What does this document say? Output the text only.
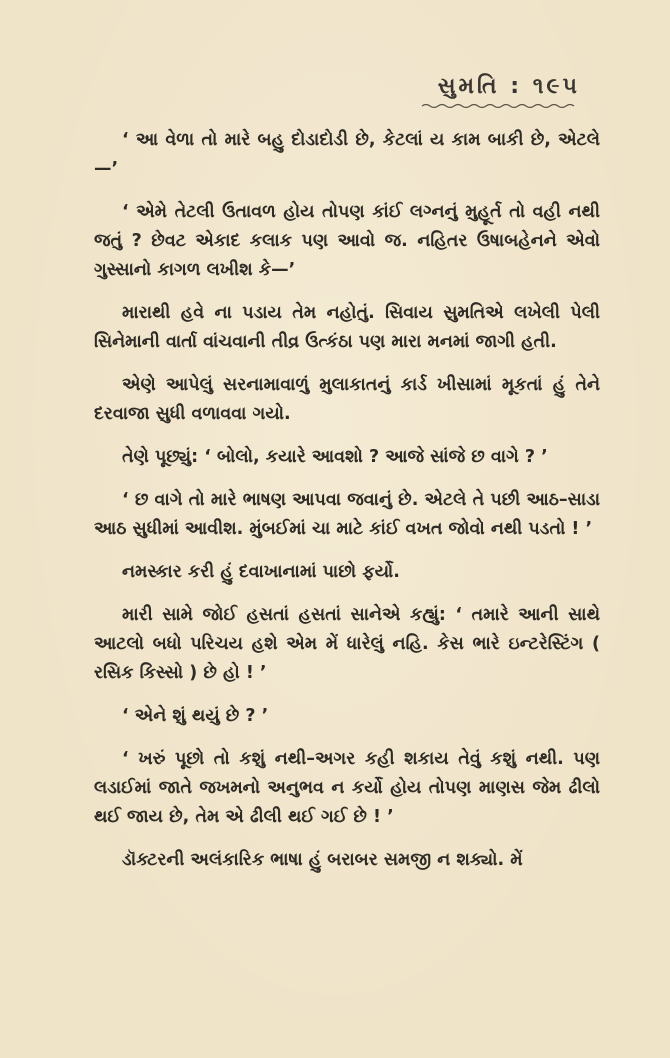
સુમતિ : ૧૯૫

‘ આ વેળા તો મારે બહુ દોડાદોડી છે, કેટલાં ય કામ બાકી છે, એટલે—’

‘ એમે તેટલી ઉતાવળ હોય તોપણ કાંઈ લગ્નનું મુહૂર્ત તો વહી નથી જતું ? છેવટ એકાદ કલાક પણ આવો જ. નહિતર ઉષાબહેનને એવો ગુસ્સાનો કાગળ લખીશ કે—’

મારાથી હવે ના પડાય તેમ નહોતું. સિવાય સુમતિએ લખેલી પેલી સિનેમાની વાર્તા વાંચવાની તીવ્ર ઉત્કંઠા પણ મારા મનમાં જાગી હતી.

એણે આપેલું સરનામાવાળું મુલાકાતનું કાર્ડ ખીસામાં મૂકતાં હું તેને દરવાજા સુધી વળાવવા ગયો.

તેણે પૂછ્યું: ‘ બોલો, કયારે આવશો ? આજે સાંજે છ વાગે ? ’

‘ છ વાગે તો મારે ભાષણ આપવા જવાનું છે. એટલે તે પછી આઠ–સાડા આઠ સુધીમાં આવીશ. મુંબઈમાં ચા માટે કાંઈ વખત જોવો નથી પડતો ! ’

નમસ્કાર કરી હું દવાખાનામાં પાછો ફર્યો.

મારી સામે જોઈ હસતાં હસતાં સાનેએ કહ્યું: ‘ તમારે આની સાથે આટલો બધો પરિચય હશે એમ મેં ધારેલું નહિ. કેસ ભારે ઇન્ટરેસ્ટિંગ ( રસિક કિસ્સો ) છે હો ! ’

‘ એને શું થયું છે ? ’

‘ ખરું પૂછો તો કશું નથી–અગર કહી શકાય તેવું કશું નથી. પણ લડાઈમાં જાતે જખમનો અનુભવ ન કર્યો હોય તોપણ માણસ જેમ ઢીલો થઈ જાય છે, તેમ એ ઢીલી થઈ ગઈ છે ! ’

ડૉક્ટરની અલંકારિક ભાષા હું બરાબર સમજી ન શક્યો. મેં
